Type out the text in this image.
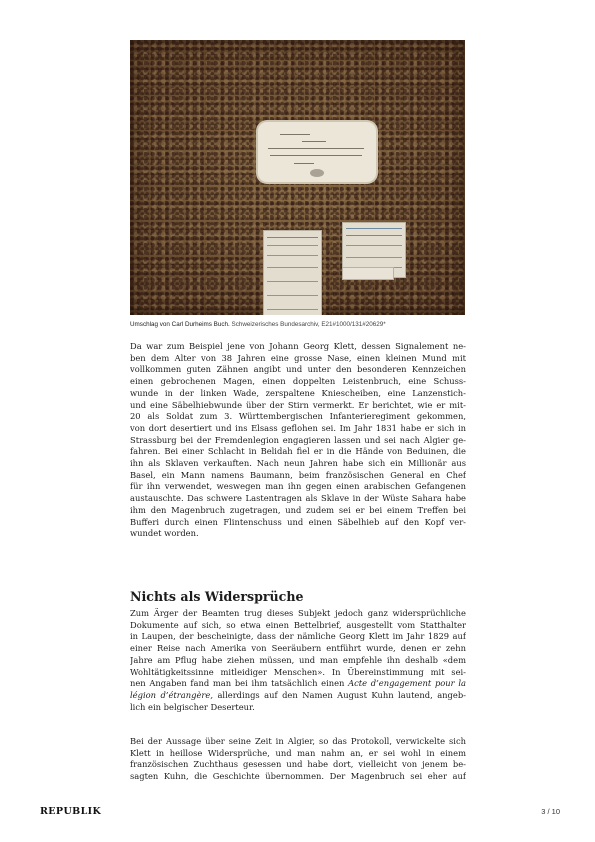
Umschlag von Carl Durheims Buch. Schweizerisches Bundesarchiv, E21#1000/131#20629*
Da war zum Beispiel jene von Johann Georg Klett, dessen Signalement ne-
ben dem Alter von 38 Jahren eine grosse Nase, einen kleinen Mund mit
vollkommen guten Zähnen angibt und unter den besonderen Kennzeichen
einen gebrochenen Magen, einen doppelten Leistenbruch, eine Schuss-
wunde in der linken Wade, zerspaltene Kniescheiben, eine Lanzenstich-
und eine Säbelhiebwunde über der Stirn vermerkt. Er berichtet, wie er mit-
20 als Soldat zum 3. Württembergischen Infanterieregiment gekommen,
von dort desertiert und ins Elsass geflohen sei. Im Jahr 1831 habe er sich in
Strassburg bei der Fremdenlegion engagieren lassen und sei nach Algier ge-
fahren. Bei einer Schlacht in Belidah fiel er in die Hände von Beduinen, die
ihn als Sklaven verkauften. Nach neun Jahren habe sich ein Millionär aus
Basel, ein Mann namens Baumann, beim französischen General en Chef
für ihn verwendet, weswegen man ihn gegen einen arabischen Gefangenen
austauschte. Das schwere Lastentragen als Sklave in der Wüste Sahara habe
ihm den Magenbruch zugetragen, und zudem sei er bei einem Treffen bei
Bufferi durch einen Flintenschuss und einen Säbelhieb auf den Kopf ver-
wundet worden.
Nichts als Widersprüche
Zum Ärger der Beamten trug dieses Subjekt jedoch ganz widersprüchliche
Dokumente auf sich, so etwa einen Bettelbrief, ausgestellt vom Statthalter
in Laupen, der bescheinigte, dass der nämliche Georg Klett im Jahr 1829 auf
einer Reise nach Amerika von Seeräubern entführt wurde, denen er zehn
Jahre am Pflug habe ziehen müssen, und man empfehle ihn deshalb «dem
Wohltätigkeitssinne mitleidiger Menschen». In Übereinstimmung mit sei-
nen Angaben fand man bei ihm tatsächlich einen Acte d’engagement pour la
légion d’étrangère, allerdings auf den Namen August Kuhn lautend, angeb-
lich ein belgischer Deserteur.
Bei der Aussage über seine Zeit in Algier, so das Protokoll, verwickelte sich
Klett in heillose Widersprüche, und man nahm an, er sei wohl in einem
französischen Zuchthaus gesessen und habe dort, vielleicht von jenem be-
sagten Kuhn, die Geschichte übernommen. Der Magenbruch sei eher auf
REPUBLIK	3 / 10
